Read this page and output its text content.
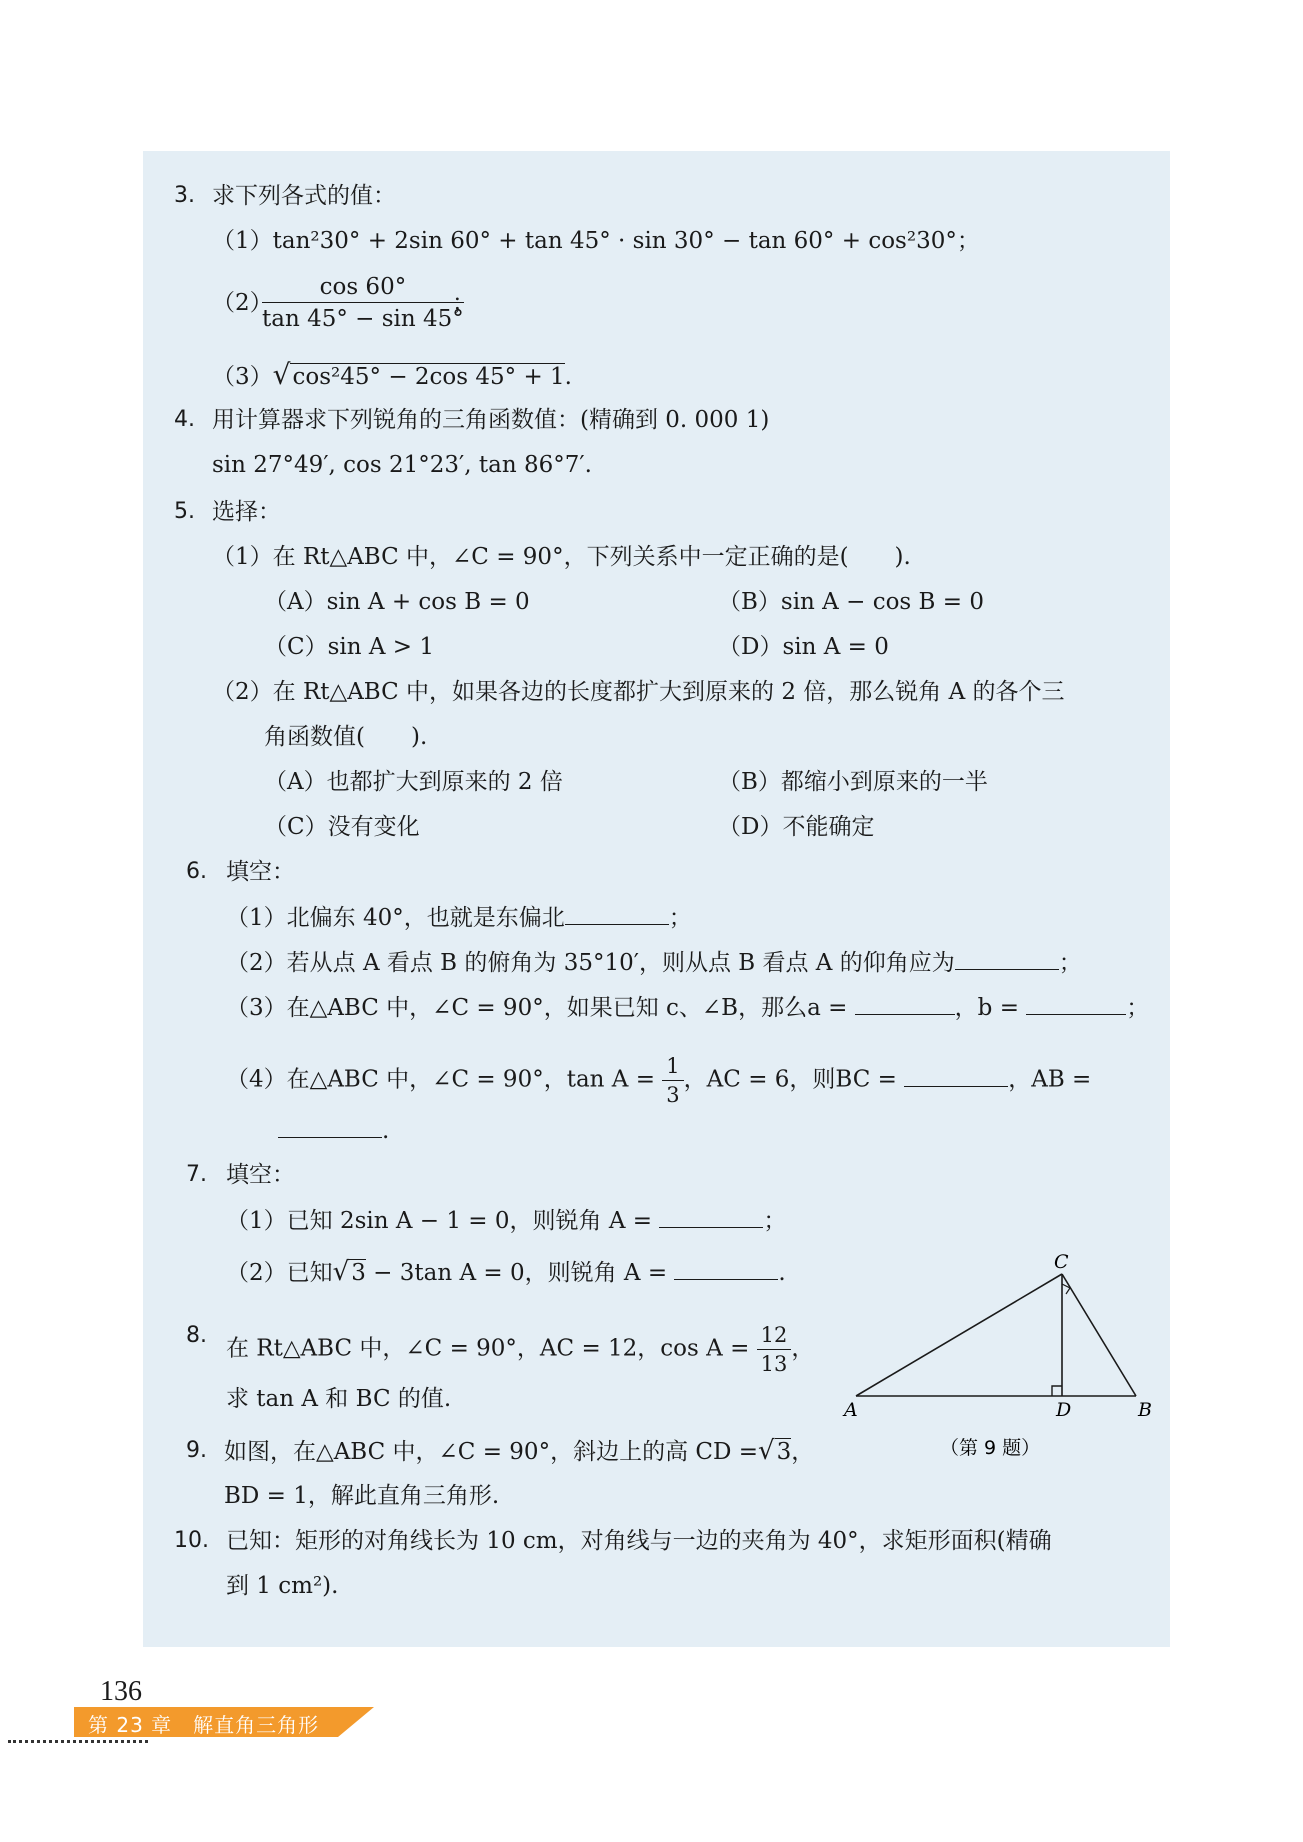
3. 求下列各式的值：
（1）tan²30° + 2sin 60° + tan 45° · sin 30° − tan 60° + cos²30°；
（2）
$\frac{\cos 60^\circ}{\tan 45^\circ - \sin 45^\circ}$
；
（3）√cos²45° − 2cos 45° + 1.
4. 用计算器求下列锐角的三角函数值：(精确到 0. 000 1)
sin 27°49′, cos 21°23′, tan 86°7′.
5. 选择：
（1）在 Rt△ABC 中，∠C = 90°，下列关系中一定正确的是(　　).
（A）sin A + cos B = 0	（B）sin A − cos B = 0
（C）sin A > 1	（D）sin A = 0
（2）在 Rt△ABC 中，如果各边的长度都扩大到原来的 2 倍，那么锐角 A 的各个三
角函数值(　　).
（A）也都扩大到原来的 2 倍	（B）都缩小到原来的一半
（C）没有变化	（D）不能确定
6. 填空：
（1）北偏东 40°，也就是东偏北	；
（2）若从点 A 看点 B 的俯角为 35°10′，则从点 B 看点 A 的仰角应为	；
（3）在△ABC 中，∠C = 90°，如果已知 c、∠B，那么a =	，b =	；
（4）在△ABC 中，∠C = 90°，$\tan A = \frac{1}{3}$ ，AC = 6，则BC =	，AB =
.
7. 填空：
（1）已知 2sin A − 1 = 0，则锐角 A =	；
（2）已知√3 − 3tan A = 0，则锐角 A =	.
8. 在 Rt△ABC 中，∠C = 90°，AC = 12，$\cos A = \frac{12}{13}$ ，
求 tan A 和 BC 的值.
9. 如图，在△ABC 中，∠C = 90°，斜边上的高 CD =√3，
BD = 1，解此直角三角形.
10. 已知：矩形的对角线长为 10 cm，对角线与一边的夹角为 40°，求矩形面积(精确
到 1 cm²).
A	B
C
D
（第 9 题）
136
第 23 章　解直角三角形
